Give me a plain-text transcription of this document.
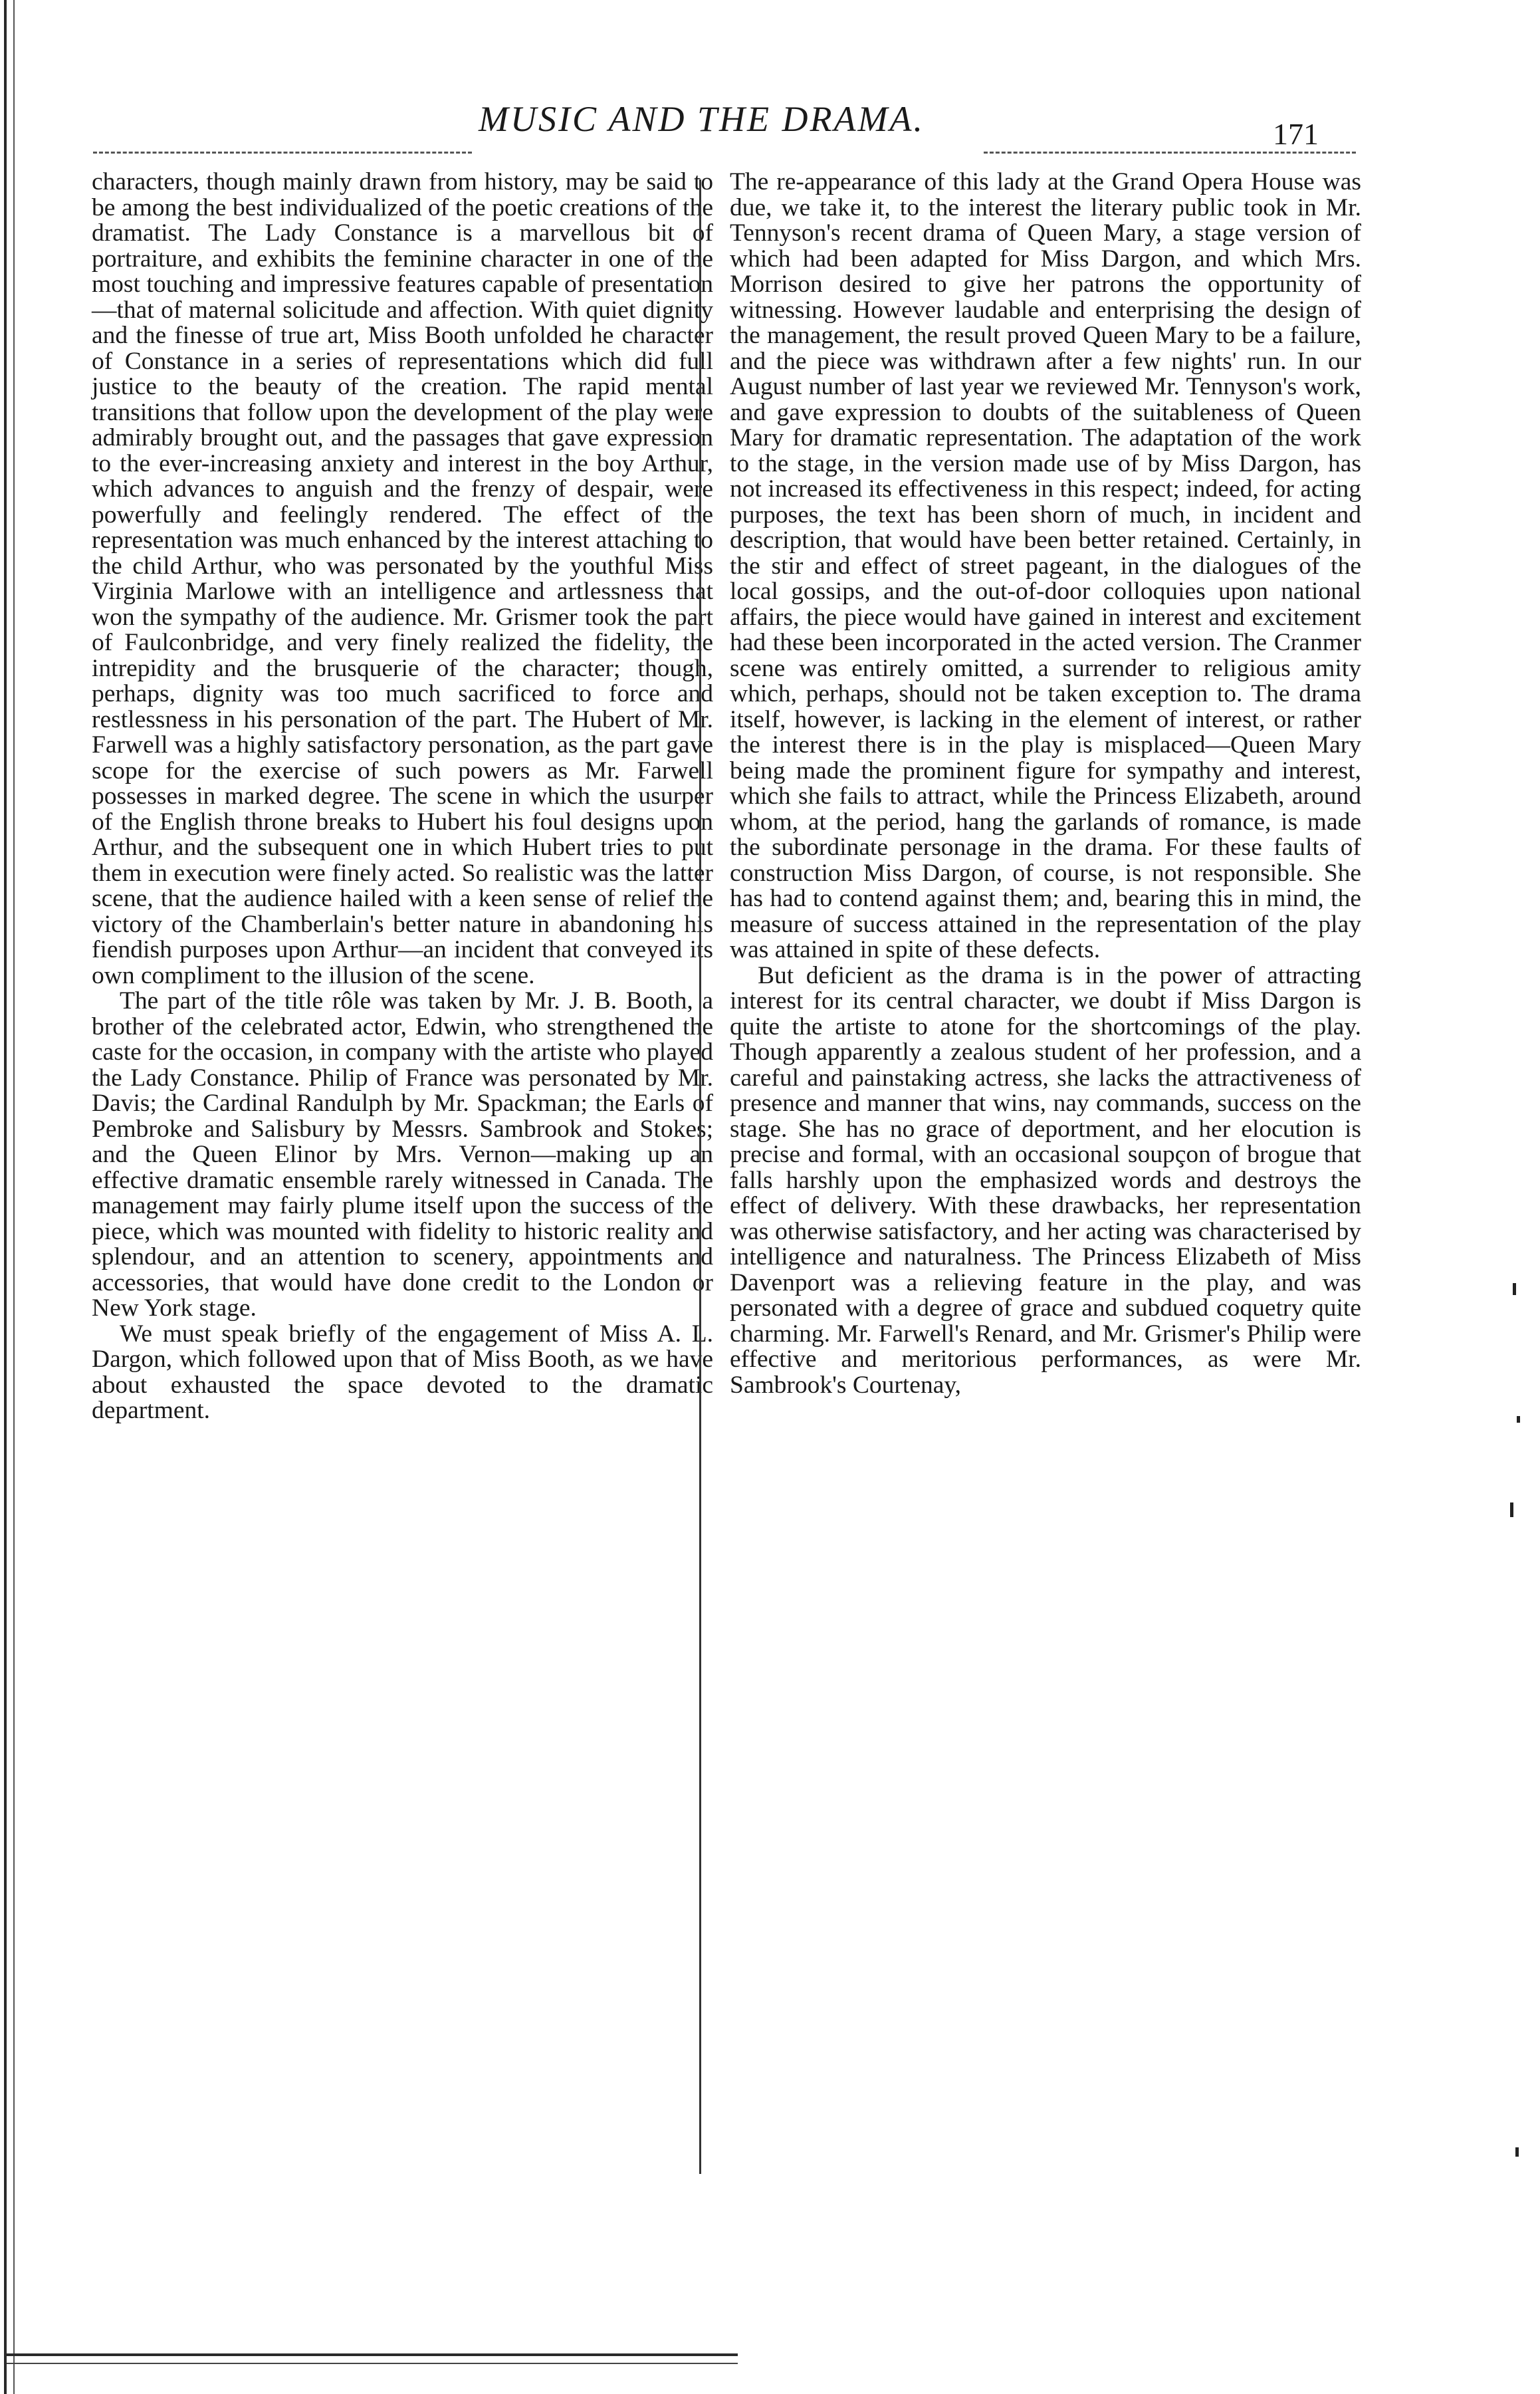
MUSIC AND THE DRAMA.	171

characters, though mainly drawn from history, may be said to be among the best individualized of the poetic creations of the dramatist. The Lady Constance is a marvellous bit of portraiture, and exhibits the feminine character in one of the most touching and impressive features capable of presentation—that of maternal solicitude and affection. With quiet dignity and the finesse of true art, Miss Booth unfolded he character of Constance in a series of representations which did full justice to the beauty of the creation. The rapid mental transitions that follow upon the development of the play were admirably brought out, and the passages that gave expression to the ever-increasing anxiety and interest in the boy Arthur, which advances to anguish and the frenzy of despair, were powerfully and feelingly rendered. The effect of the representation was much enhanced by the interest attaching to the child Arthur, who was personated by the youthful Miss Virginia Marlowe with an intelligence and artlessness that won the sympathy of the audience. Mr. Grismer took the part of Faulconbridge, and very finely realized the fidelity, the intrepidity and the brusquerie of the character; though, perhaps, dignity was too much sacrificed to force and restlessness in his personation of the part. The Hubert of Mr. Farwell was a highly satisfactory personation, as the part gave scope for the exercise of such powers as Mr. Farwell possesses in marked degree. The scene in which the usurper of the English throne breaks to Hubert his foul designs upon Arthur, and the subsequent one in which Hubert tries to put them in execution were finely acted. So realistic was the latter scene, that the audience hailed with a keen sense of relief the victory of the Chamberlain's better nature in abandoning his fiendish purposes upon Arthur—an incident that conveyed its own compliment to the illusion of the scene.

The part of the title rôle was taken by Mr. J. B. Booth, a brother of the celebrated actor, Edwin, who strengthened the caste for the occasion, in company with the artiste who played the Lady Constance. Philip of France was personated by Mr. Davis; the Cardinal Randulph by Mr. Spackman; the Earls of Pembroke and Salisbury by Messrs. Sambrook and Stokes; and the Queen Elinor by Mrs. Vernon—making up an effective dramatic ensemble rarely witnessed in Canada. The management may fairly plume itself upon the success of the piece, which was mounted with fidelity to historic reality and splendour, and an attention to scenery, appointments and accessories, that would have done credit to the London or New York stage.

We must speak briefly of the engagement of Miss A. L. Dargon, which followed upon that of Miss Booth, as we have about exhausted the space devoted to the dramatic department.

The re-appearance of this lady at the Grand Opera House was due, we take it, to the interest the literary public took in Mr. Tennyson's recent drama of Queen Mary, a stage version of which had been adapted for Miss Dargon, and which Mrs. Morrison desired to give her patrons the opportunity of witnessing. However laudable and enterprising the design of the management, the result proved Queen Mary to be a failure, and the piece was withdrawn after a few nights' run. In our August number of last year we reviewed Mr. Tennyson's work, and gave expression to doubts of the suitableness of Queen Mary for dramatic representation. The adaptation of the work to the stage, in the version made use of by Miss Dargon, has not increased its effectiveness in this respect; indeed, for acting purposes, the text has been shorn of much, in incident and description, that would have been better retained. Certainly, in the stir and effect of street pageant, in the dialogues of the local gossips, and the out-of-door colloquies upon national affairs, the piece would have gained in interest and excitement had these been incorporated in the acted version. The Cranmer scene was entirely omitted, a surrender to religious amity which, perhaps, should not be taken exception to. The drama itself, however, is lacking in the element of interest, or rather the interest there is in the play is misplaced—Queen Mary being made the prominent figure for sympathy and interest, which she fails to attract, while the Princess Elizabeth, around whom, at the period, hang the garlands of romance, is made the subordinate personage in the drama. For these faults of construction Miss Dargon, of course, is not responsible. She has had to contend against them; and, bearing this in mind, the measure of success attained in the representation of the play was attained in spite of these defects.

But deficient as the drama is in the power of attracting interest for its central character, we doubt if Miss Dargon is quite the artiste to atone for the shortcomings of the play. Though apparently a zealous student of her profession, and a careful and painstaking actress, she lacks the attractiveness of presence and manner that wins, nay commands, success on the stage. She has no grace of deportment, and her elocution is precise and formal, with an occasional soupçon of brogue that falls harshly upon the emphasized words and destroys the effect of delivery. With these drawbacks, her representation was otherwise satisfactory, and her acting was characterised by intelligence and naturalness. The Princess Elizabeth of Miss Davenport was a relieving feature in the play, and was personated with a degree of grace and subdued coquetry quite charming. Mr. Farwell's Renard, and Mr. Grismer's Philip were effective and meritorious performances, as were Mr. Sambrook's Courtenay,
